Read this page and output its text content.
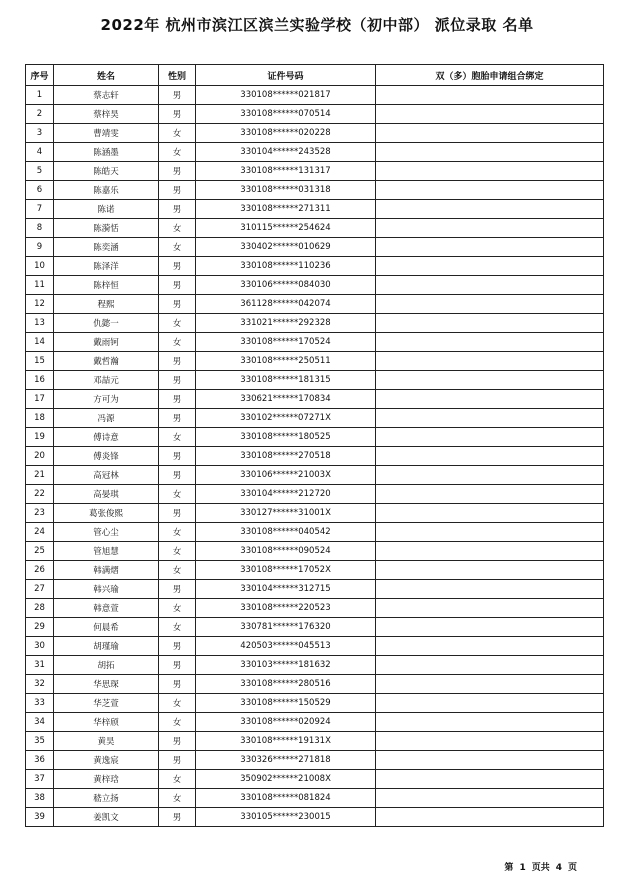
2022年 杭州市滨江区滨兰实验学校（初中部） 派位录取 名单
序号	姓名	性别	证件号码	双（多）胞胎申请组合绑定
1	蔡志轩	男	330108******021817	
2	蔡梓昊	男	330108******070514	
3	曹靖雯	女	330108******020228	
4	陈涵墨	女	330104******243528	
5	陈皓天	男	330108******131317	
6	陈嘉乐	男	330108******031318	
7	陈诺	男	330108******271311	
8	陈漪恬	女	310115******254624	
9	陈奕涵	女	330402******010629	
10	陈泽洋	男	330108******110236	
11	陈梓恒	男	330106******084030	
12	程熙	男	361128******042074	
13	仇懿一	女	331021******292328	
14	戴雨钶	女	330108******170524	
15	戴哲瀚	男	330108******250511	
16	邓喆元	男	330108******181315	
17	方可为	男	330621******170834	
18	冯源	男	330102******07271X	
19	傅诗意	女	330108******180525	
20	傅炎锋	男	330108******270518	
21	高冠林	男	330106******21003X	
22	高晏琪	女	330104******212720	
23	葛张俊熙	男	330127******31001X	
24	管心尘	女	330108******040542	
25	管旭慧	女	330108******090524	
26	韩满熠	女	330108******17052X	
27	韩兴瑜	男	330104******312715	
28	韩意萱	女	330108******220523	
29	何晨希	女	330781******176320	
30	胡瑾瑜	男	420503******045513	
31	胡拓	男	330103******181632	
32	华思琛	男	330108******280516	
33	华芝萱	女	330108******150529	
34	华梓颀	女	330108******020924	
35	黄昊	男	330108******19131X	
36	黄逸宸	男	330326******271818	
37	黄梓琀	女	350902******21008X	
38	嵇立扬	女	330108******081824	
39	姜凯文	男	330105******230015	
第 1 页共 4 页
